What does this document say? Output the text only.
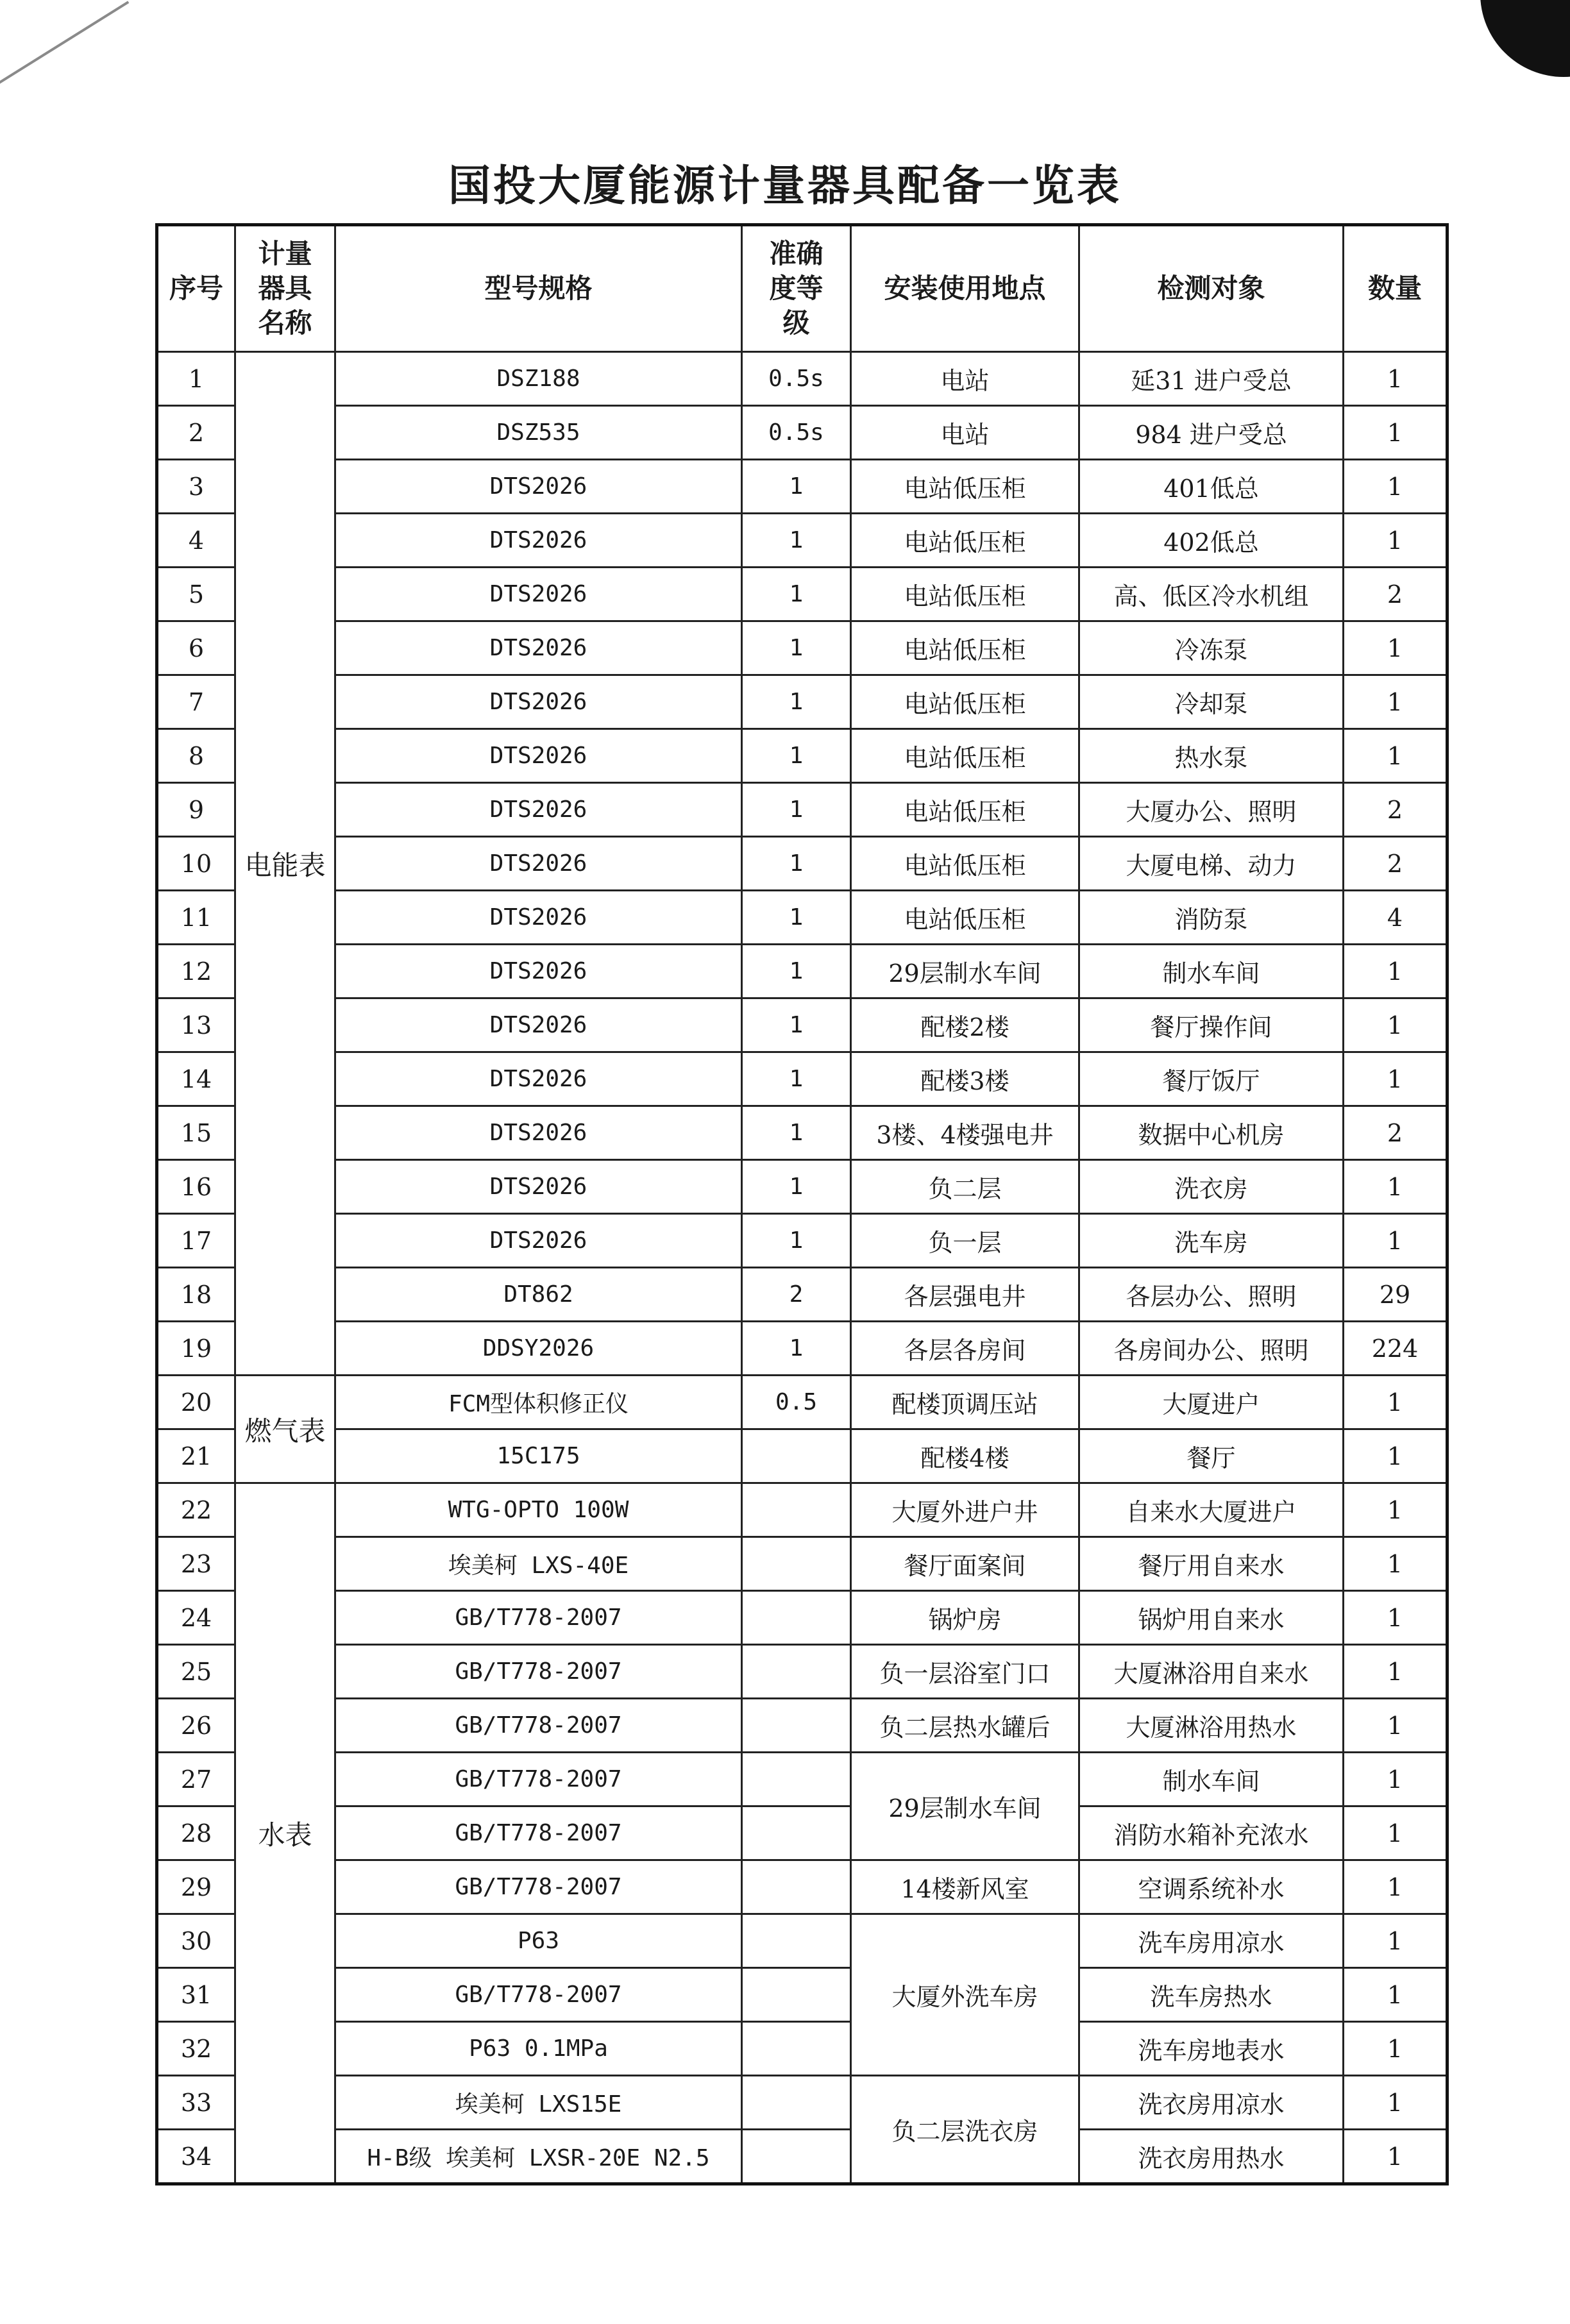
国投大厦能源计量器具配备一览表
序号	计量器具名称	型号规格	准确度等级	安装使用地点	检测对象	数量
1	电能表	DSZ188	0.5s	电站	延31 进户受总	1
2		DSZ535	0.5s	电站	984 进户受总	1
3		DTS2026	1	电站低压柜	401低总	1
4		DTS2026	1	电站低压柜	402低总	1
5		DTS2026	1	电站低压柜	高、低区冷水机组	2
6		DTS2026	1	电站低压柜	冷冻泵	1
7		DTS2026	1	电站低压柜	冷却泵	1
8		DTS2026	1	电站低压柜	热水泵	1
9		DTS2026	1	电站低压柜	大厦办公、照明	2
10		DTS2026	1	电站低压柜	大厦电梯、动力	2
11		DTS2026	1	电站低压柜	消防泵	4
12		DTS2026	1	29层制水车间	制水车间	1
13		DTS2026	1	配楼2楼	餐厅操作间	1
14		DTS2026	1	配楼3楼	餐厅饭厅	1
15		DTS2026	1	3楼、4楼强电井	数据中心机房	2
16		DTS2026	1	负二层	洗衣房	1
17		DTS2026	1	负一层	洗车房	1
18		DT862	2	各层强电井	各层办公、照明	29
19		DDSY2026	1	各层各房间	各房间办公、照明	224
20	燃气表	FCM型体积修正仪	0.5	配楼顶调压站	大厦进户	1
21		15C175		配楼4楼	餐厅	1
22	水表	WTG-OPTO 100W		大厦外进户井	自来水大厦进户	1
23		埃美柯 LXS-40E		餐厅面案间	餐厅用自来水	1
24		GB/T778-2007		锅炉房	锅炉用自来水	1
25		GB/T778-2007		负一层浴室门口	大厦淋浴用自来水	1
26		GB/T778-2007		负二层热水罐后	大厦淋浴用热水	1
27		GB/T778-2007		29层制水车间	制水车间	1
28		GB/T778-2007			消防水箱补充浓水	1
29		GB/T778-2007		14楼新风室	空调系统补水	1
30		P63		大厦外洗车房	洗车房用凉水	1
31		GB/T778-2007			洗车房热水	1
32		P63 0.1MPa			洗车房地表水	1
33		埃美柯 LXS15E		负二层洗衣房	洗衣房用凉水	1
34		H-B级 埃美柯 LXSR-20E N2.5			洗衣房用热水	1
